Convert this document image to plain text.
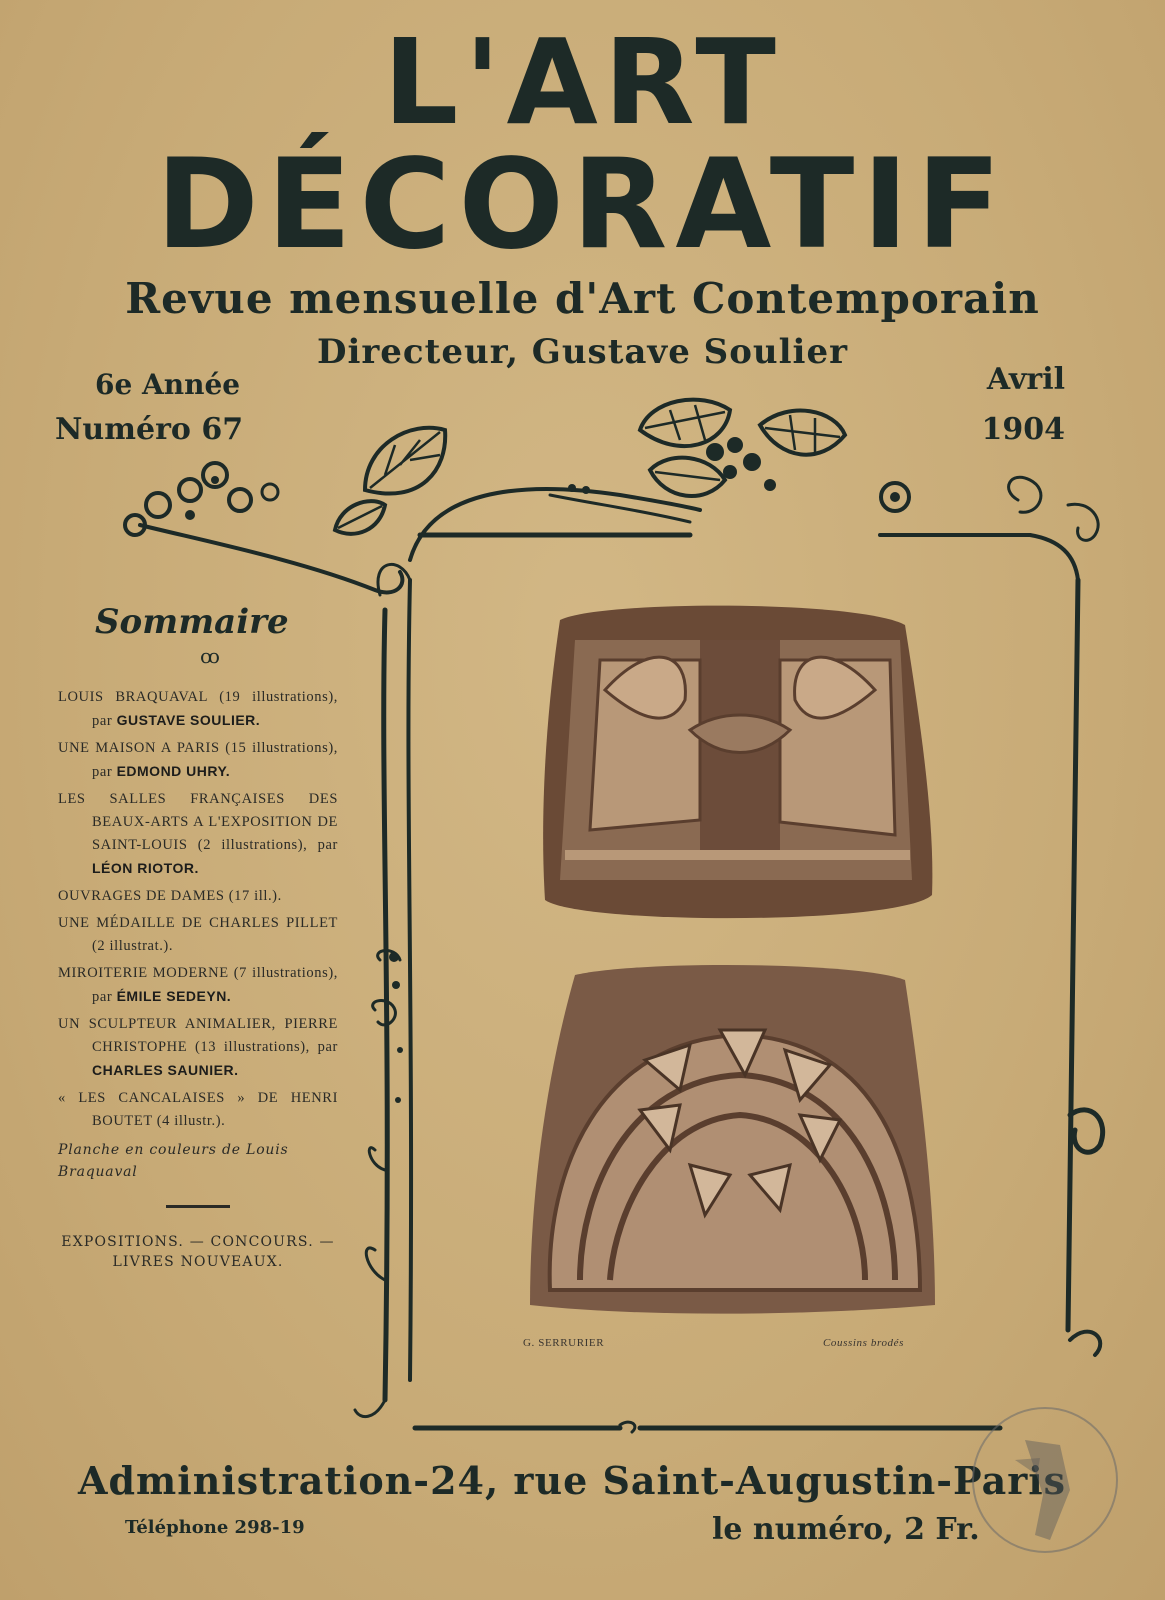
L'ART
DÉCORATIF
Revue mensuelle d'Art Contemporain
Directeur, Gustave Soulier
6e Année
Numéro 67
Avril
1904
Sommaire
ꝏ
LOUIS BRAQUAVAL (19 illustrations), par GUSTAVE SOULIER.
UNE MAISON A PARIS (15 illustrations), par EDMOND UHRY.
LES SALLES FRANÇAISES DES BEAUX-ARTS A L'EXPOSITION DE SAINT-LOUIS (2 illustrations), par LÉON RIOTOR.
OUVRAGES DE DAMES (17 ill.).
UNE MÉDAILLE DE CHARLES PILLET (2 illustrat.).
MIROITERIE MODERNE (7 illustrations), par ÉMILE SEDEYN.
UN SCULPTEUR ANIMALIER, PIERRE CHRISTOPHE (13 illustrations), par CHARLES SAUNIER.
« LES CANCALAISES » DE HENRI BOUTET (4 illustr.).
Planche en couleurs de Louis Braquaval
EXPOSITIONS. — CONCOURS. — LIVRES NOUVEAUX.
G. SERRURIER	Coussins brodés
Administration-24, rue Saint-Augustin-Paris
Téléphone 298-19	le numéro, 2 Fr.
